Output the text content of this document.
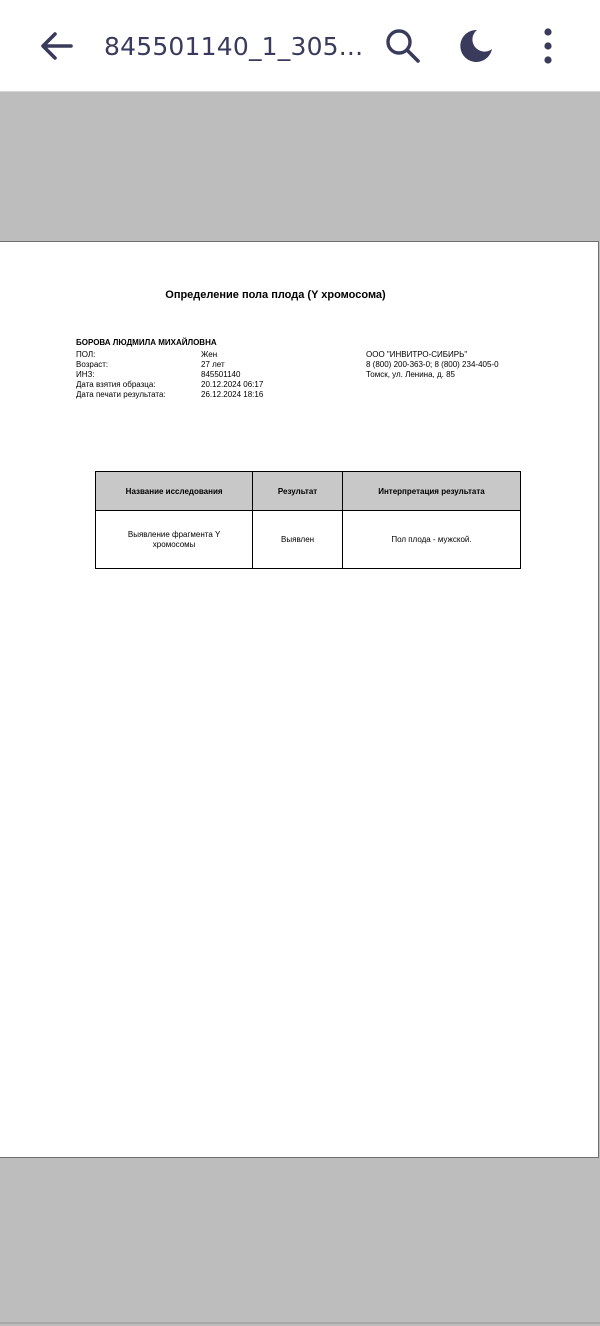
845501140_1_305...
Определение пола плода (Y хромосома)
БОРОВА ЛЮДМИЛА МИХАЙЛОВНА
ПОЛ:	Жен
Возраст:	27 лет
ИНЗ:	845501140
Дата взятия образца:	20.12.2024 06:17
Дата печати результата:	26.12.2024 18:16
ООО "ИНВИТРО-СИБИРЬ"
8 (800) 200-363-0; 8 (800) 234-405-0
Томск, ул. Ленина, д. 85
Название исследования	Результат	Интерпретация результата
Выявление фрагмента Y
хромосомы	Выявлен	Пол плода - мужской.
